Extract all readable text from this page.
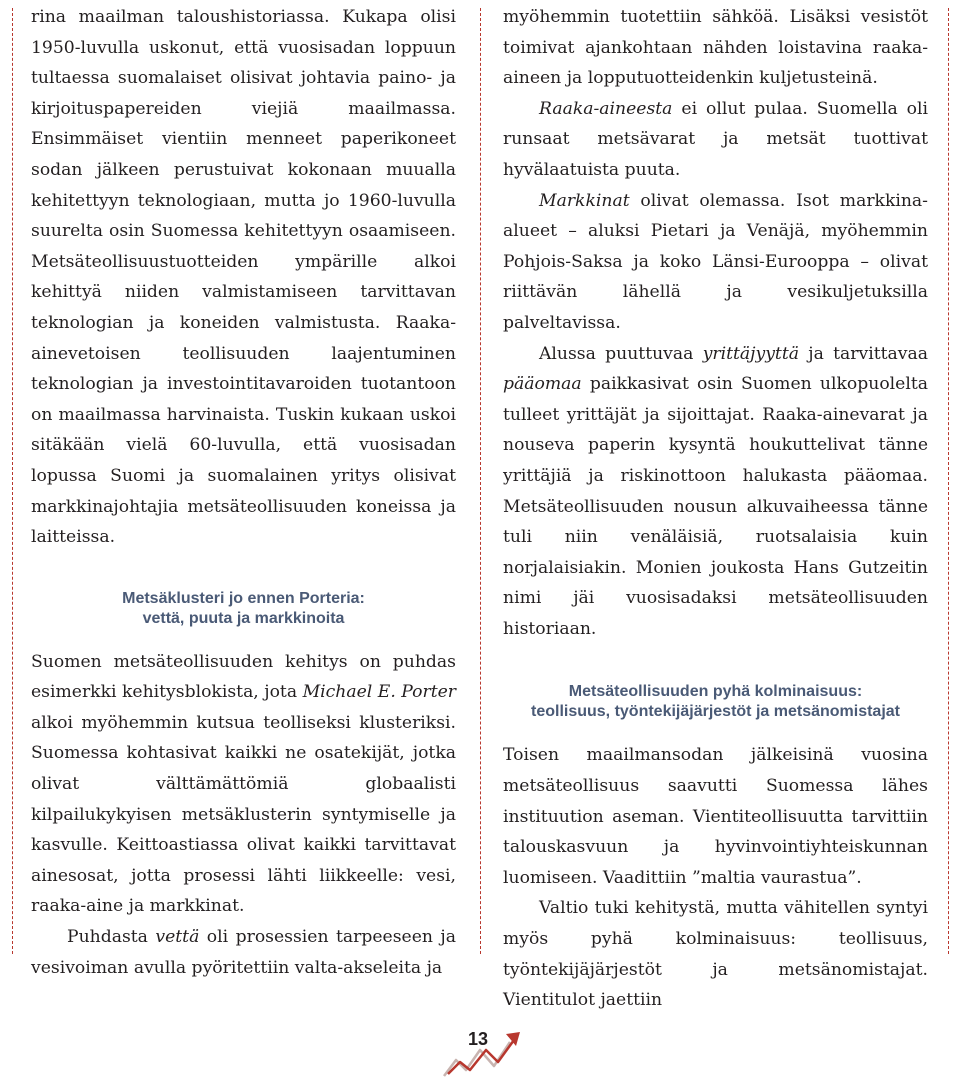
rina maailman taloushistoriassa. Kukapa olisi 1950-luvulla uskonut, että vuosisadan loppuun tultaessa suomalaiset olisivat johtavia paino- ja kirjoituspapereiden viejiä maailmassa. Ensimmäiset vientiin menneet paperikoneet sodan jälkeen perustuivat kokonaan muualla kehitettyyn teknologiaan, mutta jo 1960-luvulla suurelta osin Suomessa kehitettyyn osaamiseen. Metsäteollisuustuotteiden ympärille alkoi kehittyä niiden valmistamiseen tarvittavan teknologian ja koneiden valmistusta. Raaka-ainevetoisen teollisuuden laajentuminen teknologian ja investointitavaroiden tuotantoon on maailmassa harvinaista. Tuskin kukaan uskoi sitäkään vielä 60-luvulla, että vuosisadan lopussa Suomi ja suomalainen yritys olisivat markkinajohtajia metsäteollisuuden koneissa ja laitteissa.

Metsäklusteri jo ennen Porteria:
vettä, puuta ja markkinoita

Suomen metsäteollisuuden kehitys on puhdas esimerkki kehitysblokista, jota Michael E. Porter alkoi myöhemmin kutsua teolliseksi klusteriksi. Suomessa kohtasivat kaikki ne osatekijät, jotka olivat välttämättömiä globaalisti kilpailukykyisen metsäklusterin syntymiselle ja kasvulle. Keittoastiassa olivat kaikki tarvittavat ainesosat, jotta prosessi lähti liikkeelle: vesi, raaka-aine ja markkinat.

Puhdasta vettä oli prosessien tarpeeseen ja vesivoiman avulla pyöritettiin valta-akseleita ja

myöhemmin tuotettiin sähköä. Lisäksi vesistöt toimivat ajankohtaan nähden loistavina raaka-aineen ja lopputuotteidenkin kuljetusteinä.

Raaka-aineesta ei ollut pulaa. Suomella oli runsaat metsävarat ja metsät tuottivat hyvälaatuista puuta.

Markkinat olivat olemassa. Isot markkina-alueet – aluksi Pietari ja Venäjä, myöhemmin Pohjois-Saksa ja koko Länsi-Eurooppa – olivat riittävän lähellä ja vesikuljetuksilla palveltavissa.

Alussa puuttuvaa yrittäjyyttä ja tarvittavaa pääomaa paikkasivat osin Suomen ulkopuolelta tulleet yrittäjät ja sijoittajat. Raaka-ainevarat ja nouseva paperin kysyntä houkuttelivat tänne yrittäjiä ja riskinottoon halukasta pääomaa. Metsäteollisuuden nousun alkuvaiheessa tänne tuli niin venäläisiä, ruotsalaisia kuin norjalaisiakin. Monien joukosta Hans Gutzeitin nimi jäi vuosisadaksi metsäteollisuuden historiaan.

Metsäteollisuuden pyhä kolminaisuus:
teollisuus, työntekijäjärjestöt ja metsänomistajat

Toisen maailmansodan jälkeisinä vuosina metsäteollisuus saavutti Suomessa lähes instituution aseman. Vientiteollisuutta tarvittiin talouskasvuun ja hyvinvointiyhteiskunnan luomiseen. Vaadittiin ”maltia vaurastua”.

Valtio tuki kehitystä, mutta vähitellen syntyi myös pyhä kolminaisuus: teollisuus, työntekijäjärjestöt ja metsänomistajat. Vientitulot jaettiin

13
